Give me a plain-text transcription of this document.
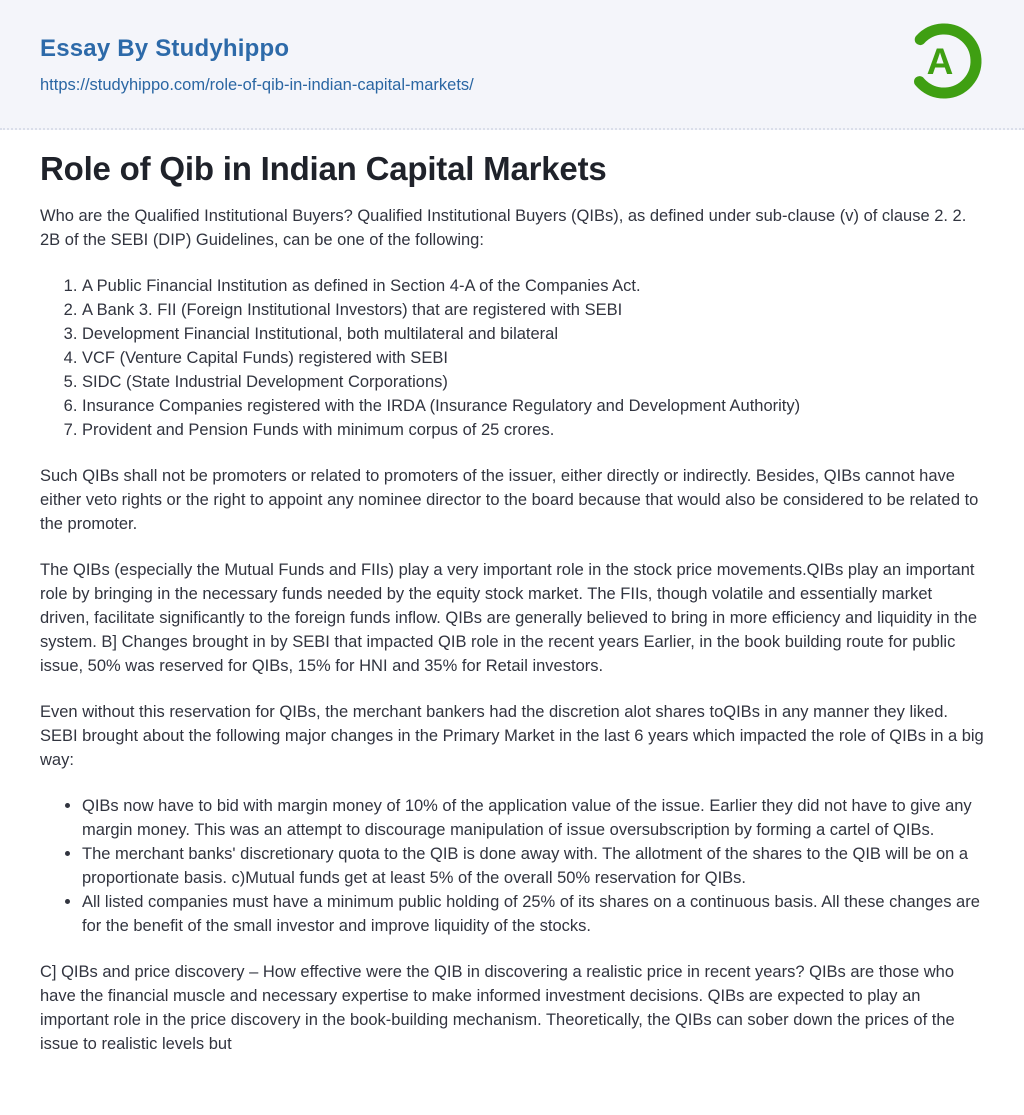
Essay By Studyhippo
https://studyhippo.com/role-of-qib-in-indian-capital-markets/
A
Role of Qib in Indian Capital Markets

Who are the Qualified Institutional Buyers? Qualified Institutional Buyers (QIBs), as defined under sub-clause (v) of clause 2. 2. 2B of the SEBI (DIP) Guidelines, can be one of the following:

1. A Public Financial Institution as defined in Section 4-A of the Companies Act.
2. A Bank 3. FII (Foreign Institutional Investors) that are registered with SEBI
3. Development Financial Institutional, both multilateral and bilateral
4. VCF (Venture Capital Funds) registered with SEBI
5. SIDC (State Industrial Development Corporations)
6. Insurance Companies registered with the IRDA (Insurance Regulatory and Development Authority)
7. Provident and Pension Funds with minimum corpus of 25 crores.

Such QIBs shall not be promoters or related to promoters of the issuer, either directly or indirectly. Besides, QIBs cannot have either veto rights or the right to appoint any nominee director to the board because that would also be considered to be related to the promoter.

The QIBs (especially the Mutual Funds and FIIs) play a very important role in the stock price movements.QIBs play an important role by bringing in the necessary funds needed by the equity stock market. The FIIs, though volatile and essentially market driven, facilitate significantly to the foreign funds inflow. QIBs are generally believed to bring in more efficiency and liquidity in the system. B] Changes brought in by SEBI that impacted QIB role in the recent years Earlier, in the book building route for public issue, 50% was reserved for QIBs, 15% for HNI and 35% for Retail investors.

Even without this reservation for QIBs, the merchant bankers had the discretion alot shares toQIBs in any manner they liked. SEBI brought about the following major changes in the Primary Market in the last 6 years which impacted the role of QIBs in a big way:

QIBs now have to bid with margin money of 10% of the application value of the issue. Earlier they did not have to give any margin money. This was an attempt to discourage manipulation of issue oversubscription by forming a cartel of QIBs.
The merchant banks' discretionary quota to the QIB is done away with. The allotment of the shares to the QIB will be on a proportionate basis. c)Mutual funds get at least 5% of the overall 50% reservation for QIBs.
All listed companies must have a minimum public holding of 25% of its shares on a continuous basis. All these changes are for the benefit of the small investor and improve liquidity of the stocks.

C] QIBs and price discovery – How effective were the QIB in discovering a realistic price in recent years? QIBs are those who have the financial muscle and necessary expertise to make informed investment decisions. QIBs are expected to play an important role in the price discovery in the book-building mechanism. Theoretically, the QIBs can sober down the prices of the issue to realistic levels but
